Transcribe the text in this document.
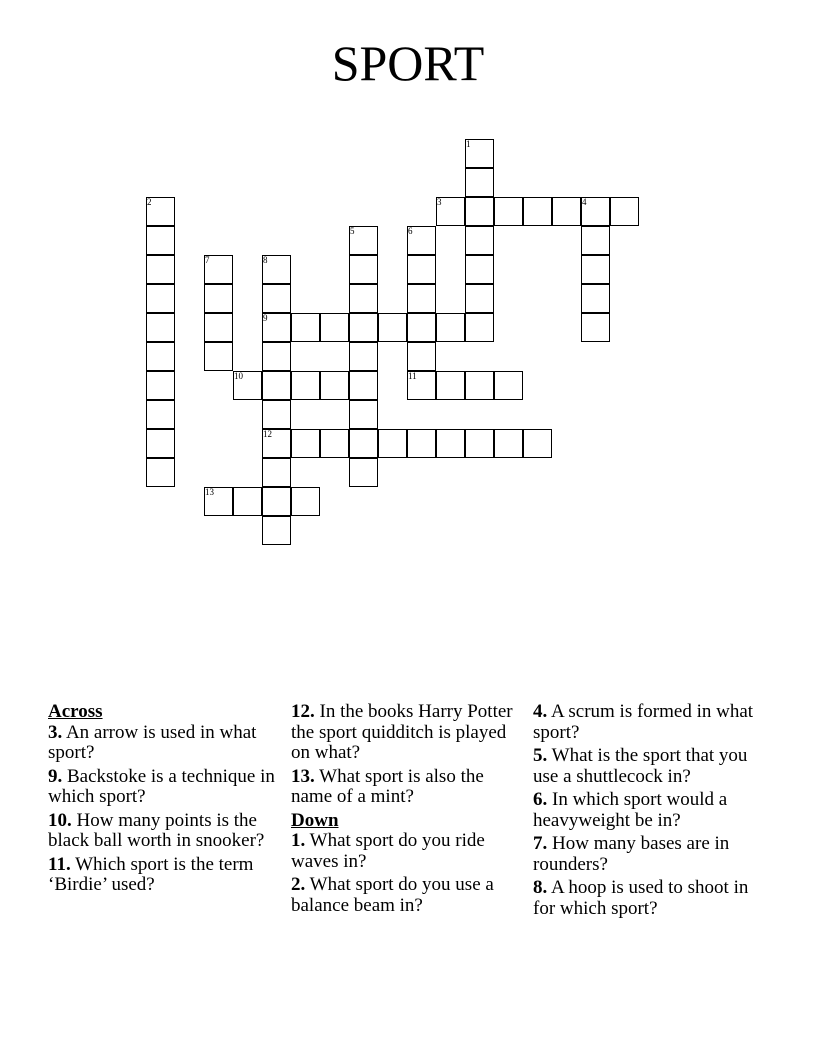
SPORT
1
2	4
5	6
11
7	8
9
12
3
10
13
Across
3. An arrow is used in what sport?
9. Backstoke is a technique in which sport?
10. How many points is the black ball worth in snooker?
11. Which sport is the term ‘Birdie’ used?
12. In the books Harry Potter the sport quidditch is played on what?
13. What sport is also the name of a mint?
Down
1. What sport do you ride waves in?
2. What sport do you use a balance beam in?
4. A scrum is formed in what sport?
5. What is the sport that you use a shuttlecock in?
6. In which sport would a heavyweight be in?
7. How many bases are in rounders?
8. A hoop is used to shoot in for which sport?
